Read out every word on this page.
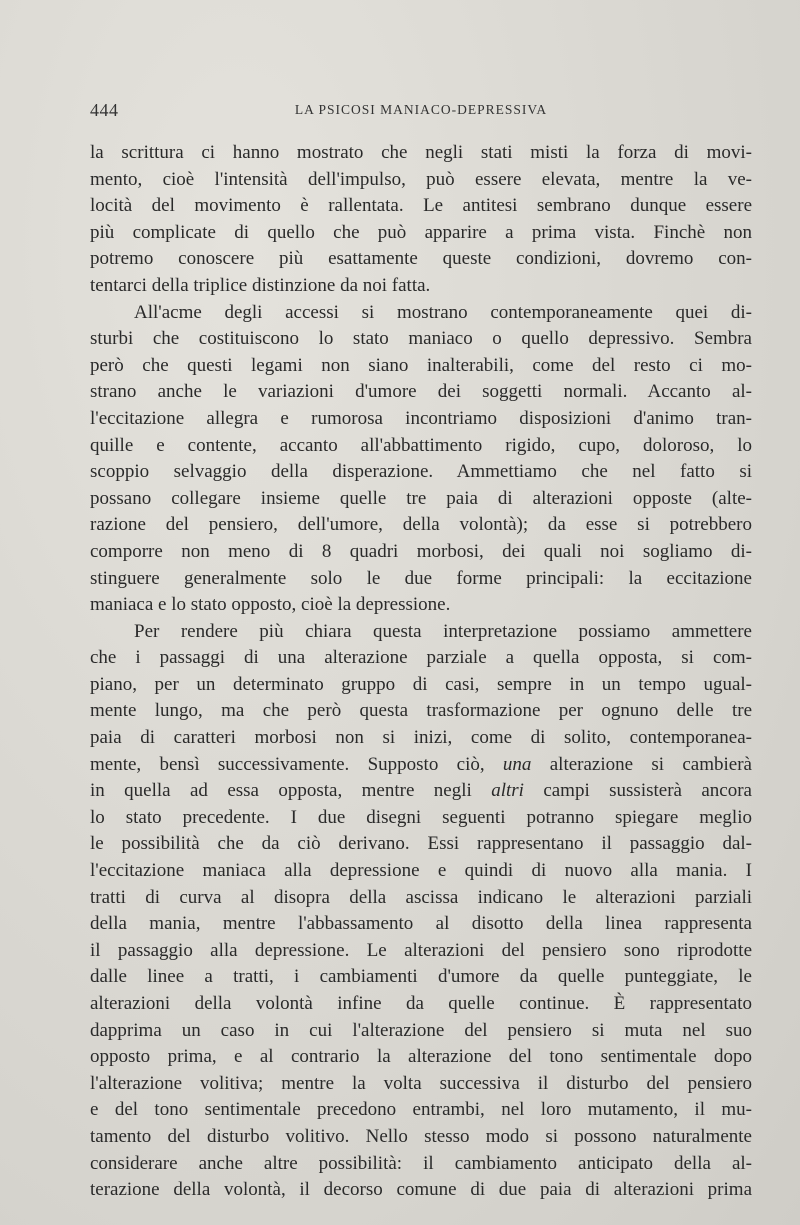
444	LA PSICOSI MANIACO-DEPRESSIVA

la scrittura ci hanno mostrato che negli stati misti la forza di movi-
mento, cioè l'intensità dell'impulso, può essere elevata, mentre la ve-
locità del movimento è rallentata. Le antitesi sembrano dunque essere
più complicate di quello che può apparire a prima vista. Finchè non
potremo conoscere più esattamente queste condizioni, dovremo con-
tentarci della triplice distinzione da noi fatta.

All'acme degli accessi si mostrano contemporaneamente quei di-
sturbi che costituiscono lo stato maniaco o quello depressivo. Sembra
però che questi legami non siano inalterabili, come del resto ci mo-
strano anche le variazioni d'umore dei soggetti normali. Accanto al-
l'eccitazione allegra e rumorosa incontriamo disposizioni d'animo tran-
quille e contente, accanto all'abbattimento rigido, cupo, doloroso, lo
scoppio selvaggio della disperazione. Ammettiamo che nel fatto si
possano collegare insieme quelle tre paia di alterazioni opposte (alte-
razione del pensiero, dell'umore, della volontà); da esse si potrebbero
comporre non meno di 8 quadri morbosi, dei quali noi sogliamo di-
stinguere generalmente solo le due forme principali: la eccitazione
maniaca e lo stato opposto, cioè la depressione.

Per rendere più chiara questa interpretazione possiamo ammettere
che i passaggi di una alterazione parziale a quella opposta, si com-
piano, per un determinato gruppo di casi, sempre in un tempo ugual-
mente lungo, ma che però questa trasformazione per ognuno delle tre
paia di caratteri morbosi non si inizi, come di solito, contemporanea-
mente, bensì successivamente. Supposto ciò, una alterazione si cambierà
in quella ad essa opposta, mentre negli altri campi sussisterà ancora
lo stato precedente. I due disegni seguenti potranno spiegare meglio
le possibilità che da ciò derivano. Essi rappresentano il passaggio dal-
l'eccitazione maniaca alla depressione e quindi di nuovo alla mania. I
tratti di curva al disopra della ascissa indicano le alterazioni parziali
della mania, mentre l'abbassamento al disotto della linea rappresenta
il passaggio alla depressione. Le alterazioni del pensiero sono riprodotte
dalle linee a tratti, i cambiamenti d'umore da quelle punteggiate, le
alterazioni della volontà infine da quelle continue. È rappresentato
dapprima un caso in cui l'alterazione del pensiero si muta nel suo
opposto prima, e al contrario la alterazione del tono sentimentale dopo
l'alterazione volitiva; mentre la volta successiva il disturbo del pensiero
e del tono sentimentale precedono entrambi, nel loro mutamento, il mu-
tamento del disturbo volitivo. Nello stesso modo si possono naturalmente
considerare anche altre possibilità: il cambiamento anticipato della al-
terazione della volontà, il decorso comune di due paia di alterazioni prima
